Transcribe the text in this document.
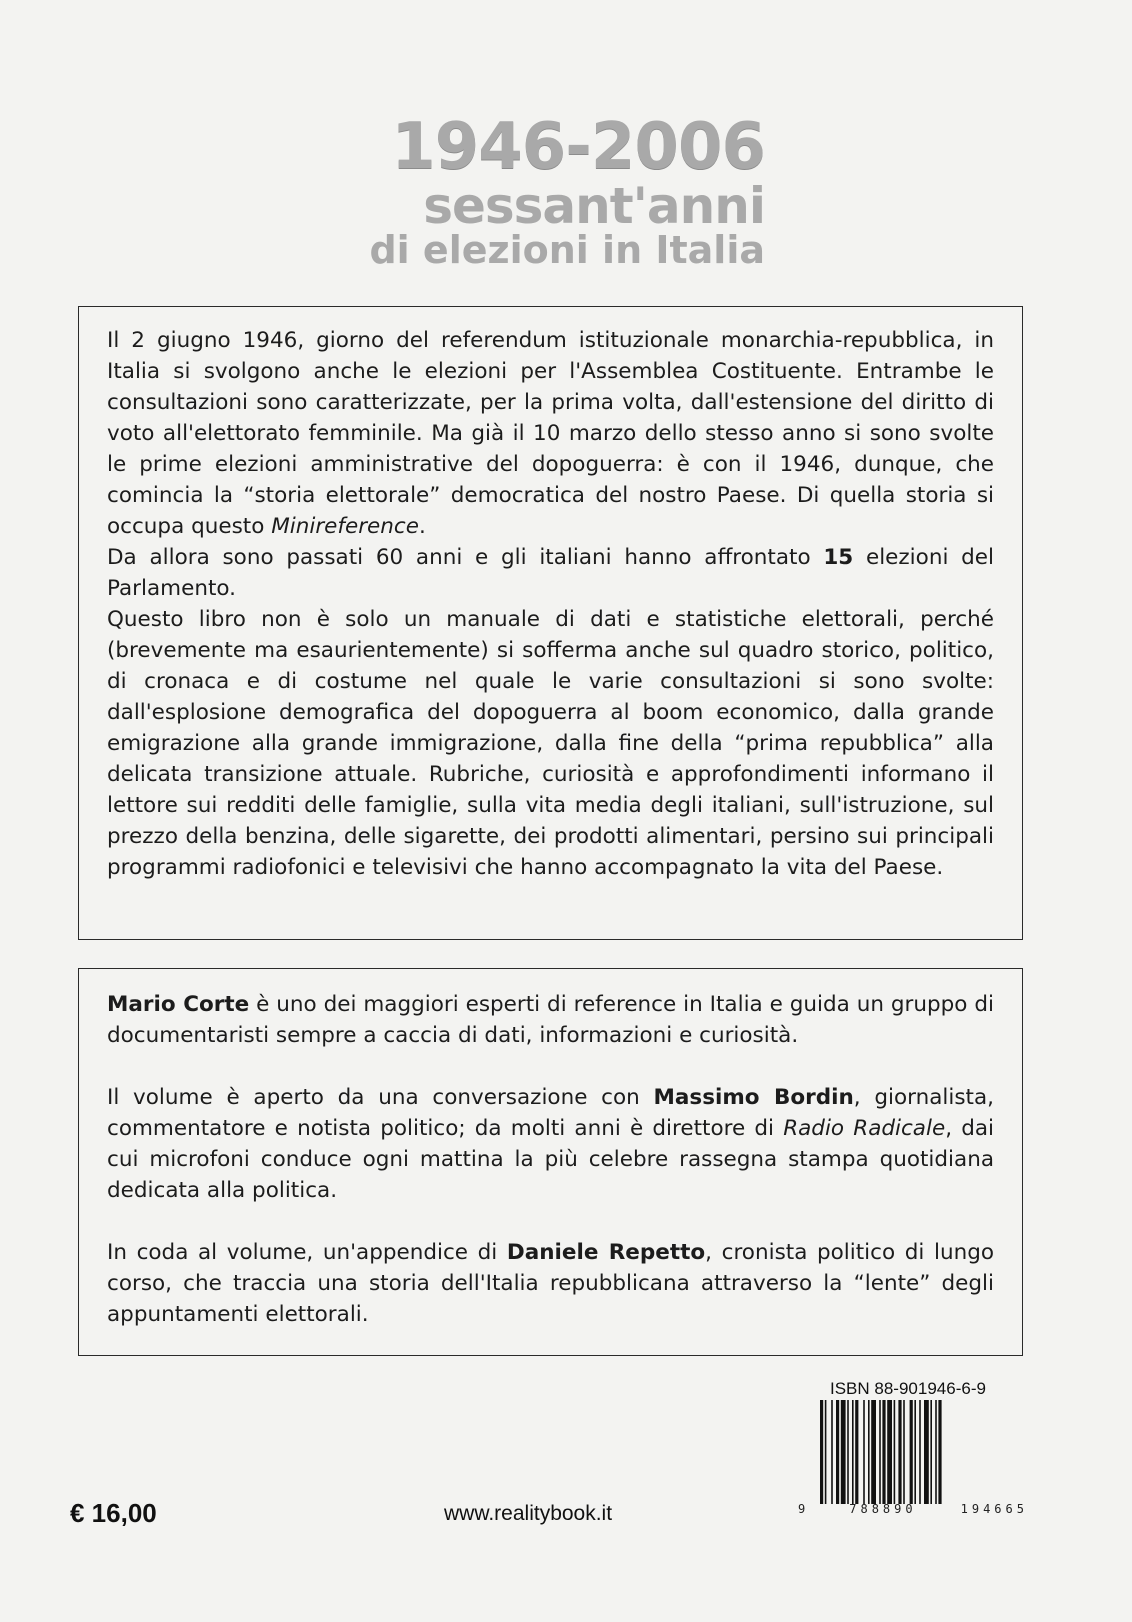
1946-2006
sessant'anni
di elezioni in Italia

Il 2 giugno 1946, giorno del referendum istituzionale monarchia-repubblica, in Italia si svolgono anche le elezioni per l'Assemblea Costituente. Entrambe le consultazioni sono caratterizzate, per la prima volta, dall'estensione del diritto di voto all'elettorato femminile. Ma già il 10 marzo dello stesso anno si sono svolte le prime elezioni amministrative del dopoguerra: è con il 1946, dunque, che comincia la “storia elettorale” democratica del nostro Paese. Di quella storia si occupa questo Minireference.

Da allora sono passati 60 anni e gli italiani hanno affrontato 15 elezioni del Parlamento.

Questo libro non è solo un manuale di dati e statistiche elettorali, perché (brevemente ma esaurientemente) si sofferma anche sul quadro storico, politico, di cronaca e di costume nel quale le varie consultazioni si sono svolte: dall'esplosione demografica del dopoguerra al boom economico, dalla grande emigrazione alla grande immigrazione, dalla fine della “prima repubblica” alla delicata transizione attuale. Rubriche, curiosità e approfondimenti informano il lettore sui redditi delle famiglie, sulla vita media degli italiani, sull'istruzione, sul prezzo della benzina, delle sigarette, dei prodotti alimentari, persino sui principali programmi radiofonici e televisivi che hanno accompagnato la vita del Paese.

Mario Corte è uno dei maggiori esperti di reference in Italia e guida un gruppo di documentaristi sempre a caccia di dati, informazioni e curiosità.

Il volume è aperto da una conversazione con Massimo Bordin, giornalista, commentatore e notista politico; da molti anni è direttore di Radio Radicale, dai cui microfoni conduce ogni mattina la più celebre rassegna stampa quotidiana dedicata alla politica.

In coda al volume, un'appendice di Daniele Repetto, cronista politico di lungo corso, che traccia una storia dell'Italia repubblicana attraverso la “lente” degli appuntamenti elettorali.

ISBN 88-901946-6-9
9	788890	194665
€ 16,00	www.realitybook.it
